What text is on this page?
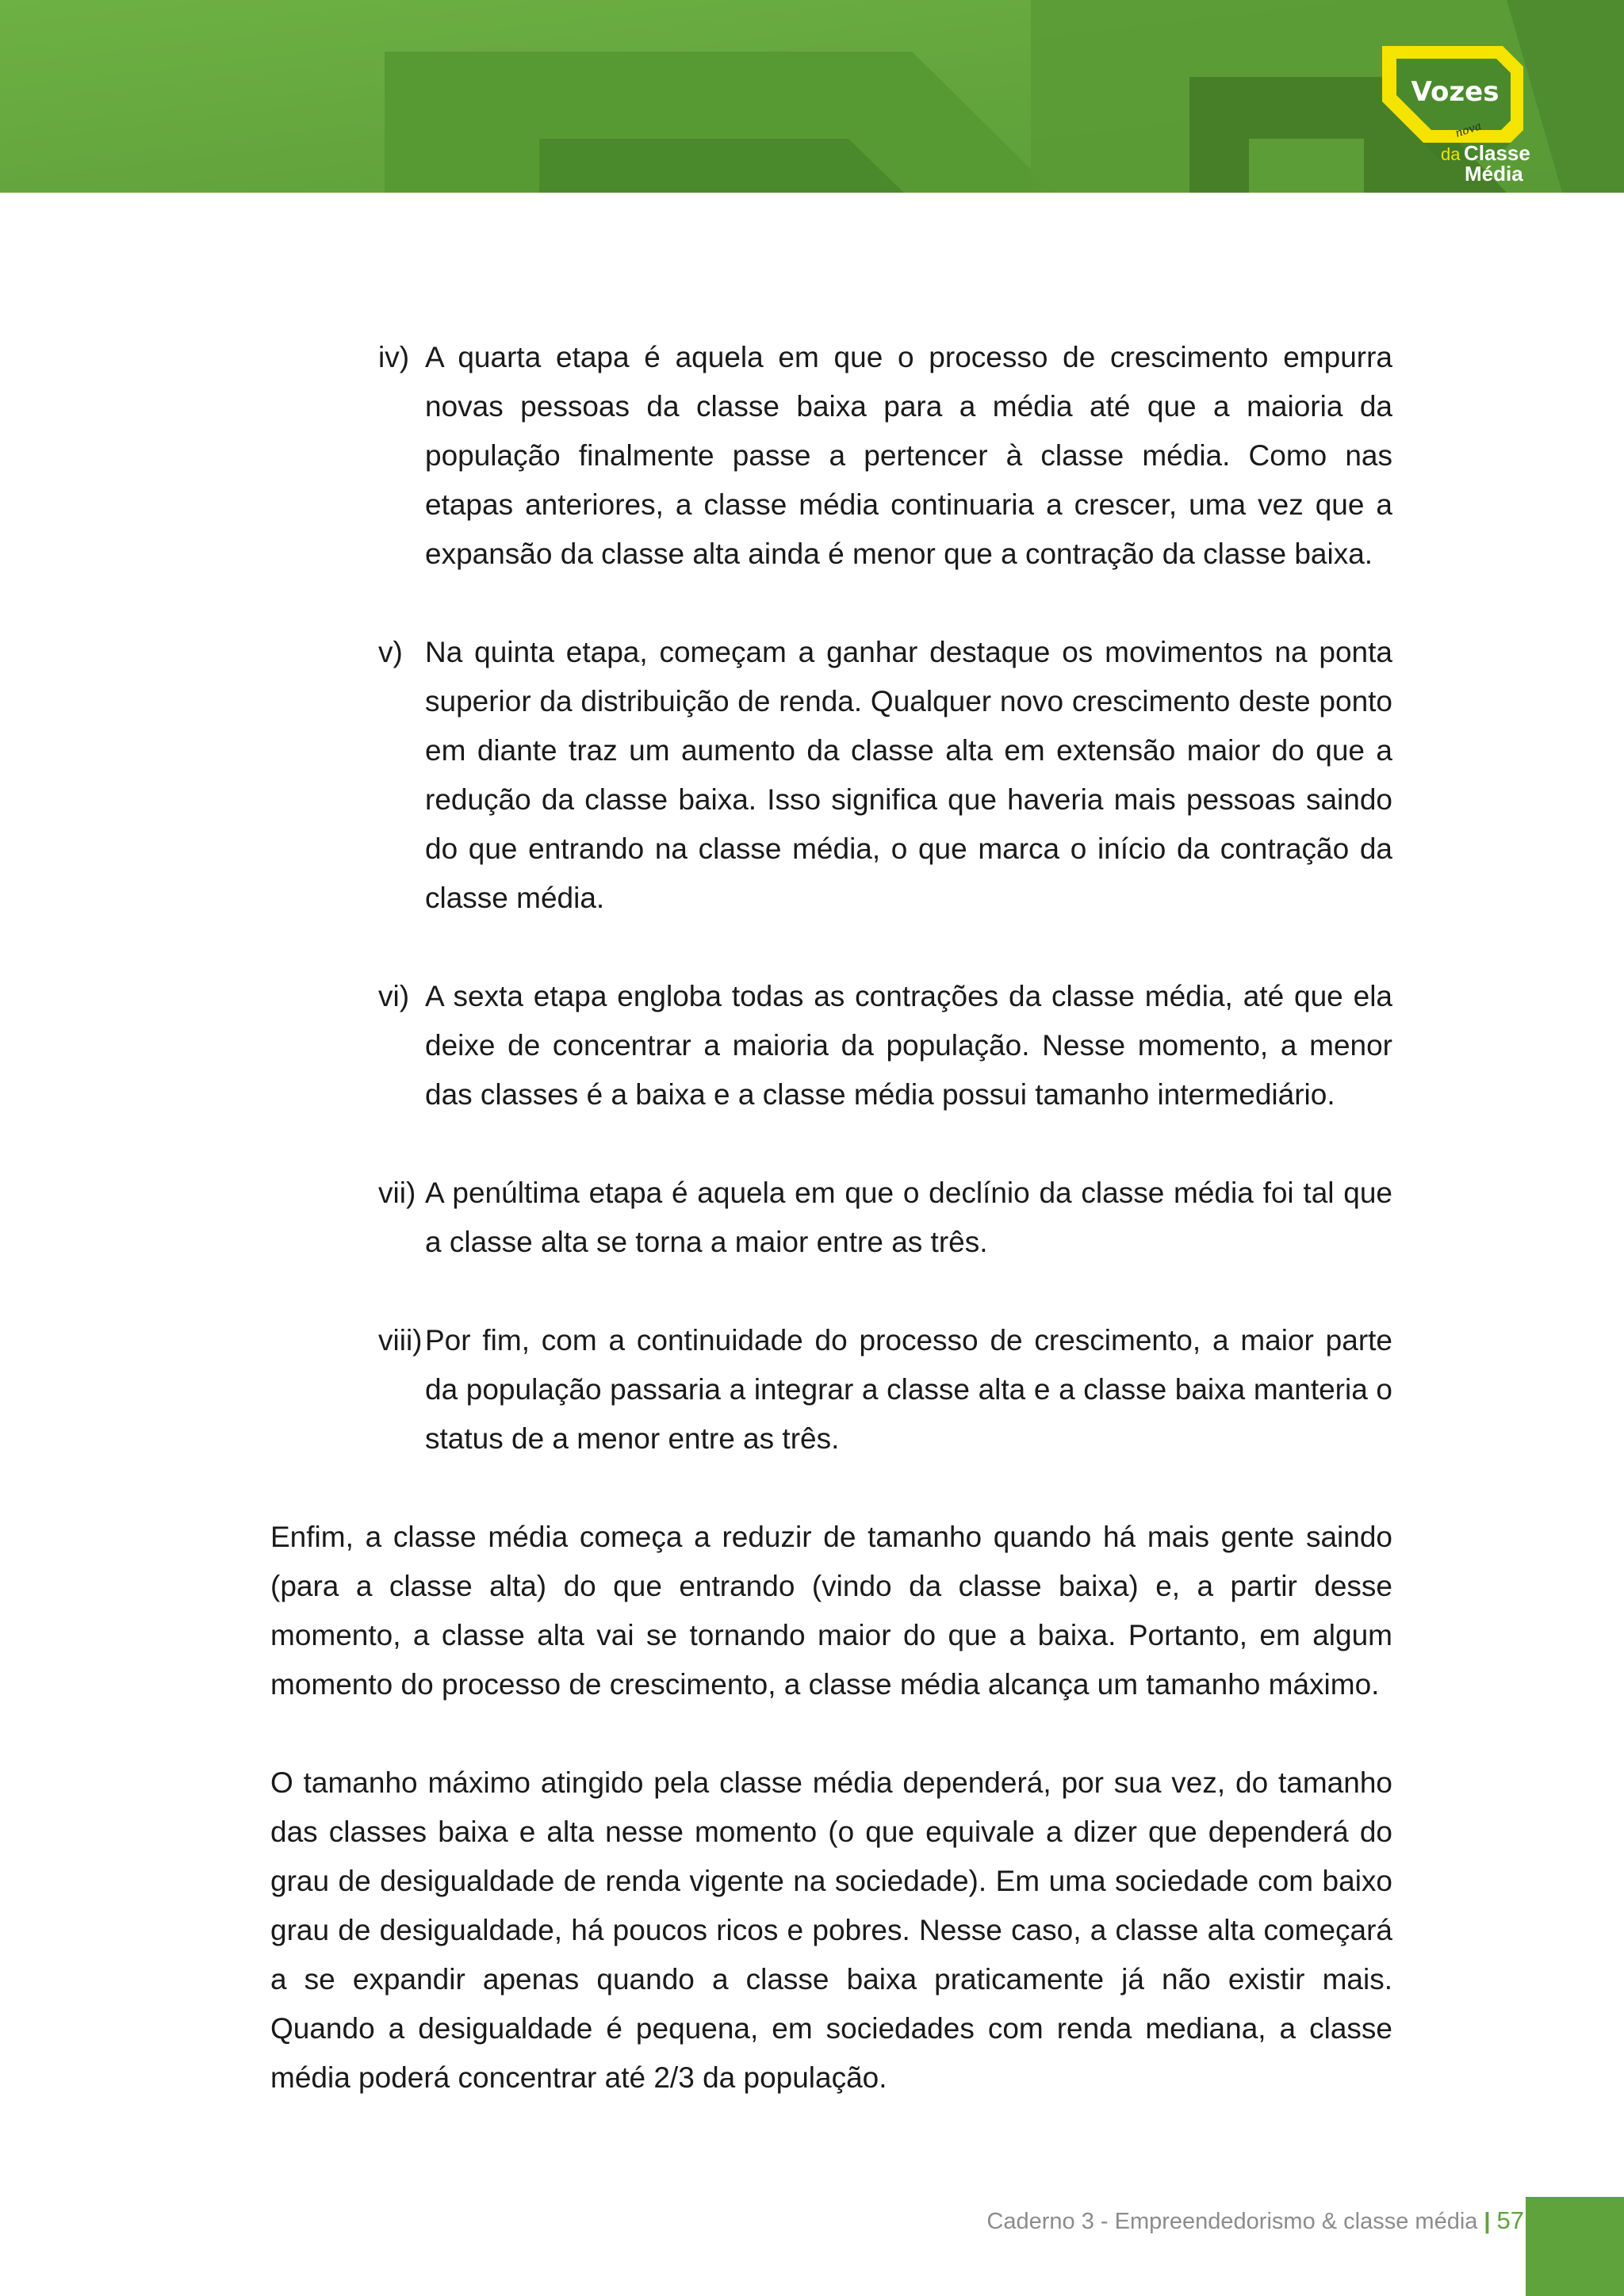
Vozes
nova
da Classe
Média
iv) A quarta etapa é aquela em que o processo de crescimento empurra novas pessoas da classe baixa para a média até que a maioria da população finalmente passe a pertencer à classe média. Como nas etapas anteriores, a classe média continuaria a crescer, uma vez que a expansão da classe alta ainda é menor que a contração da classe baixa.
v) Na quinta etapa, começam a ganhar destaque os movimentos na ponta superior da distribuição de renda. Qualquer novo crescimento deste ponto em diante traz um aumento da classe alta em extensão maior do que a redução da classe baixa. Isso significa que haveria mais pessoas saindo do que entrando na classe média, o que marca o início da contração da classe média.
vi) A sexta etapa engloba todas as contrações da classe média, até que ela deixe de concentrar a maioria da população. Nesse momento, a menor das classes é a baixa e a classe média possui tamanho intermediário.
vii) A penúltima etapa é aquela em que o declínio da classe média foi tal que a classe alta se torna a maior entre as três.
viii) Por fim, com a continuidade do processo de crescimento, a maior parte da população passaria a integrar a classe alta e a classe baixa manteria o status de a menor entre as três.

Enfim, a classe média começa a reduzir de tamanho quando há mais gente saindo (para a classe alta) do que entrando (vindo da classe baixa) e, a partir desse momento, a classe alta vai se tornando maior do que a baixa. Portanto, em algum momento do processo de crescimento, a classe média alcança um tamanho máximo.

O tamanho máximo atingido pela classe média dependerá, por sua vez, do tamanho das classes baixa e alta nesse momento (o que equivale a dizer que dependerá do grau de desigualdade de renda vigente na sociedade). Em uma sociedade com baixo grau de desigualdade, há poucos ricos e pobres. Nesse caso, a classe alta começará a se expandir apenas quando a classe baixa praticamente já não existir mais. Quando a desigualdade é pequena, em sociedades com renda mediana, a classe média poderá concentrar até 2/3 da população.

Caderno 3 - Empreendedorismo & classe média | 57
